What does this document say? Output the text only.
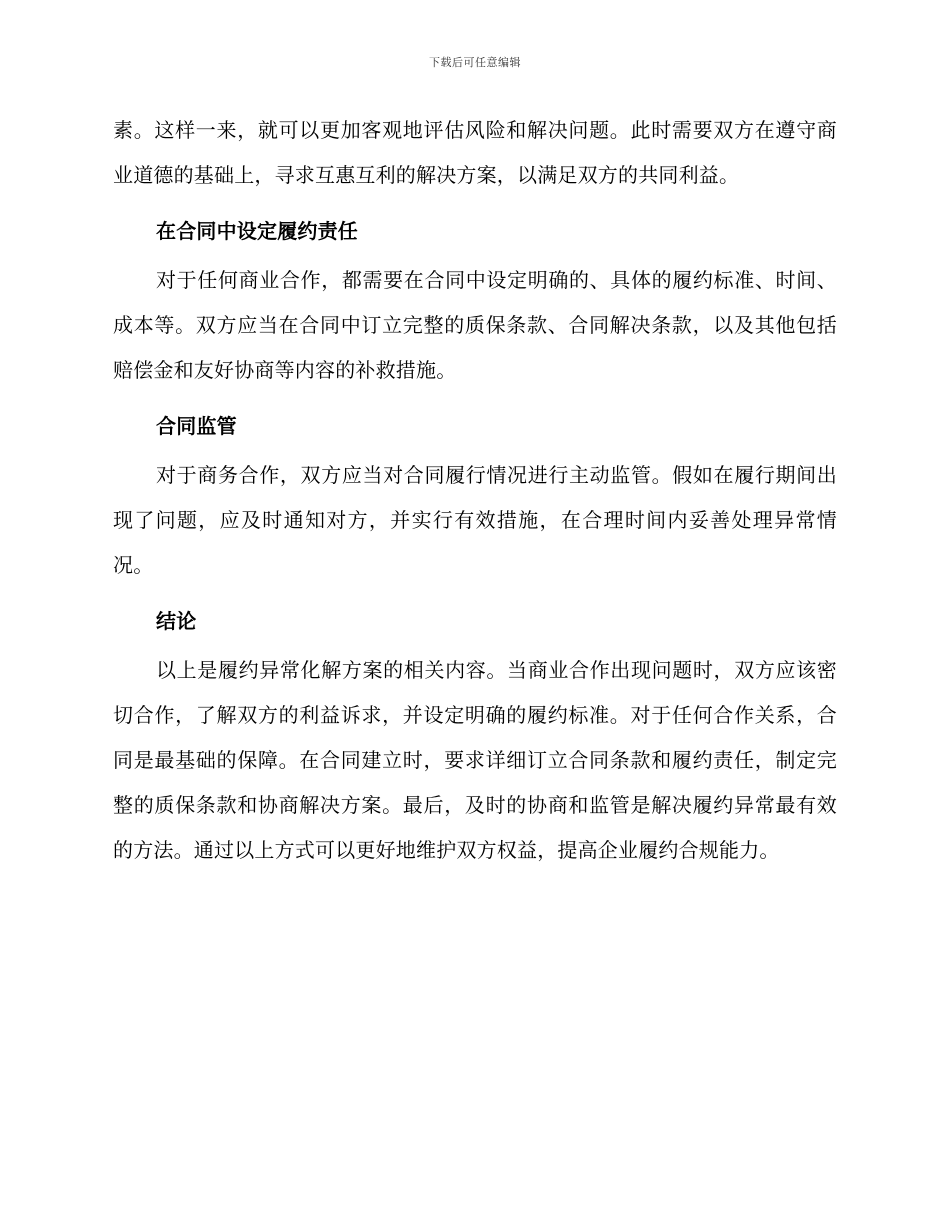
下载后可任意编辑

素。这样一来，就可以更加客观地评估风险和解决问题。此时需要双方在遵守商业道德的基础上，寻求互惠互利的解决方案，以满足双方的共同利益。

在合同中设定履约责任

对于任何商业合作，都需要在合同中设定明确的、具体的履约标准、时间、成本等。双方应当在合同中订立完整的质保条款、合同解决条款，以及其他包括赔偿金和友好协商等内容的补救措施。

合同监管

对于商务合作，双方应当对合同履行情况进行主动监管。假如在履行期间出现了问题，应及时通知对方，并实行有效措施，在合理时间内妥善处理异常情况。

结论

以上是履约异常化解方案的相关内容。当商业合作出现问题时，双方应该密切合作，了解双方的利益诉求，并设定明确的履约标准。对于任何合作关系，合同是最基础的保障。在合同建立时，要求详细订立合同条款和履约责任，制定完整的质保条款和协商解决方案。最后，及时的协商和监管是解决履约异常最有效的方法。通过以上方式可以更好地维护双方权益，提高企业履约合规能力。
